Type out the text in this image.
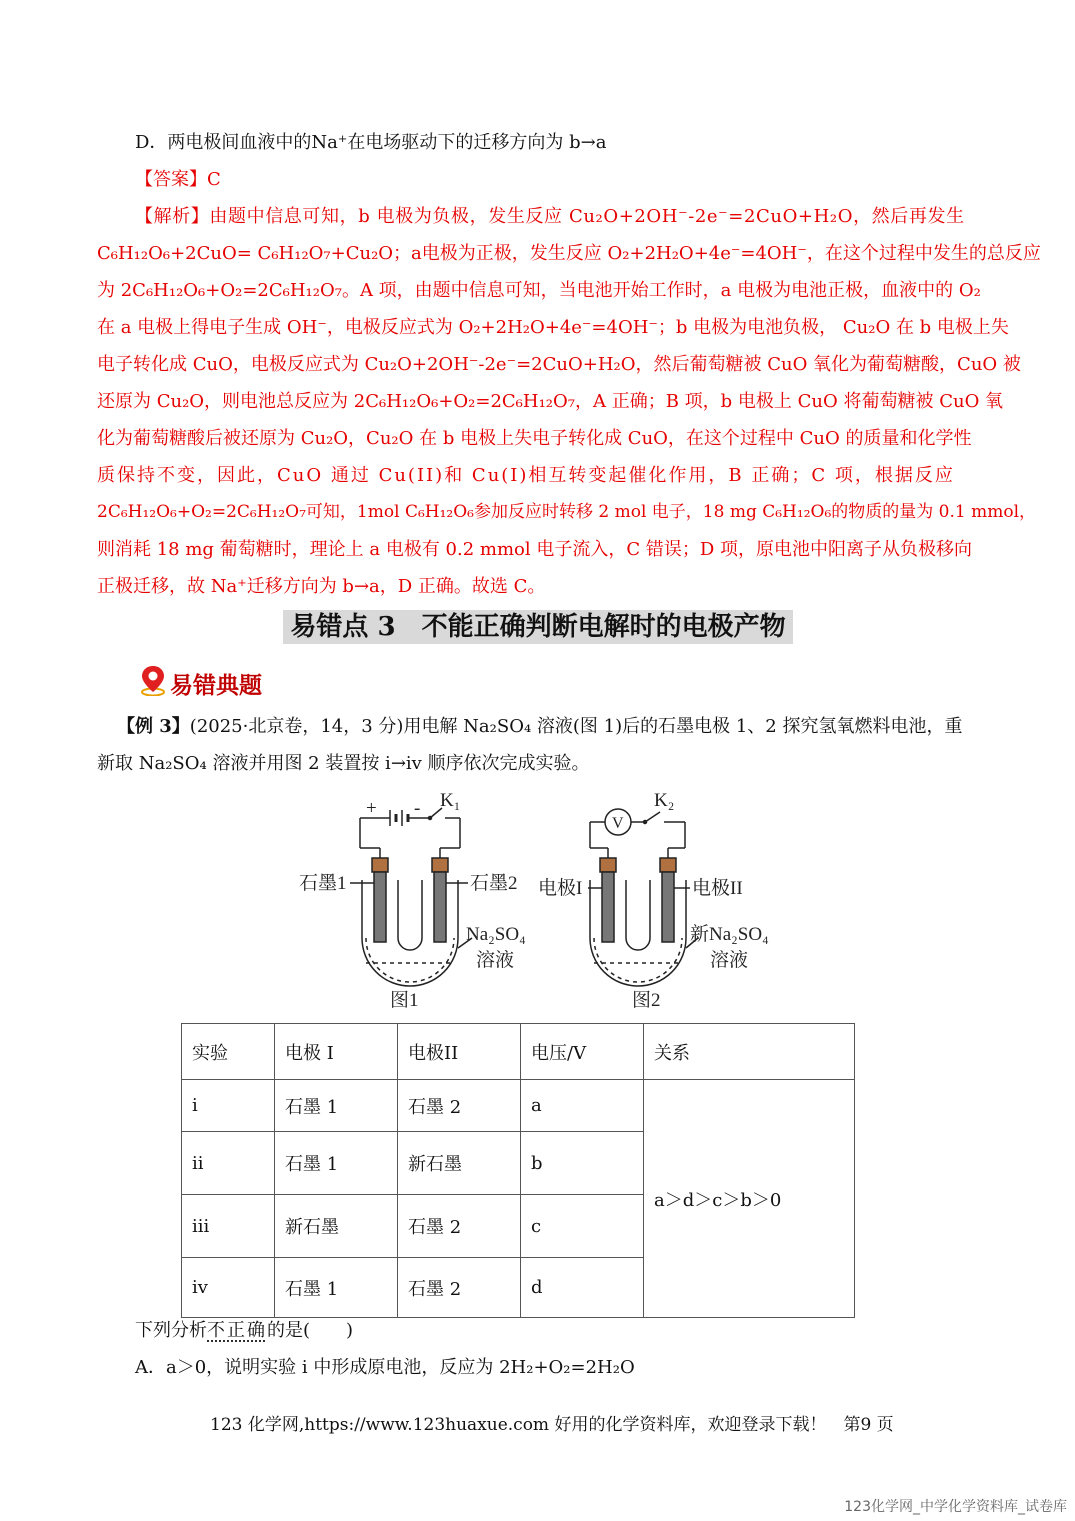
D．两电极间血液中的Na⁺在电场驱动下的迁移方向为 b→a
【答案】C
【解析】由题中信息可知，b 电极为负极，发生反应 Cu₂O+2OH⁻-2e⁻=2CuO+H₂O，然后再发生
C₆H₁₂O₆+2CuO= C₆H₁₂O₇+Cu₂O；a电极为正极，发生反应 O₂+2H₂O+4e⁻=4OH⁻，在这个过程中发生的总反应
为 2C₆H₁₂O₆+O₂=2C₆H₁₂O₇。A 项，由题中信息可知，当电池开始工作时，a 电极为电池正极，血液中的 O₂
在 a 电极上得电子生成 OH⁻，电极反应式为 O₂+2H₂O+4e⁻=4OH⁻；b 电极为电池负极， Cu₂O 在 b 电极上失
电子转化成 CuO，电极反应式为 Cu₂O+2OH⁻-2e⁻=2CuO+H₂O，然后葡萄糖被 CuO 氧化为葡萄糖酸，CuO 被
还原为 Cu₂O，则电池总反应为 2C₆H₁₂O₆+O₂=2C₆H₁₂O₇，A 正确；B 项，b 电极上 CuO 将葡萄糖被 CuO 氧
化为葡萄糖酸后被还原为 Cu₂O，Cu₂O 在 b 电极上失电子转化成 CuO，在这个过程中 CuO 的质量和化学性
质保持不变，因此，CuO 通过 Cu(II)和 Cu(I)相互转变起催化作用，B 正确；C 项，根据反应
2C₆H₁₂O₆+O₂=2C₆H₁₂O₇可知，1mol C₆H₁₂O₆参加反应时转移 2 mol 电子，18 mg C₆H₁₂O₆的物质的量为 0.1 mmol，
则消耗 18 mg 葡萄糖时，理论上 a 电极有 0.2 mmol 电子流入，C 错误；D 项，原电池中阳离子从负极移向
正极迁移，故 Na⁺迁移方向为 b→a，D 正确。故选 C。
易错点 3　不能正确判断电解时的电极产物
易错典题
【例 3】(2025·北京卷，14，3 分)用电解 Na₂SO₄ 溶液(图 1)后的石墨电极 1、2 探究氢氧燃料电池，重
新取 Na₂SO₄ 溶液并用图 2 装置按 i→iv 顺序依次完成实验。
+ - K₁
石墨1	石墨2
Na₂SO₄
溶液
图1
V
K₂
电极I	电极II
新Na₂SO₄
溶液
图2
实验	电极 I	电极II	电压/V	关系
i	石墨 1	石墨 2	a	a＞d＞c＞b＞0
ii	石墨 1	新石墨	b	
iii	新石墨	石墨 2	c	
iv	石墨 1	石墨 2	d	
下列分析不正确的是(　　)
A．a＞0，说明实验 i 中形成原电池，反应为 2H₂+O₂=2H₂O
123 化学网,https://www.123huaxue.com 好用的化学资料库，欢迎登录下载！　第9 页
123化学网_中学化学资料库_试卷库
